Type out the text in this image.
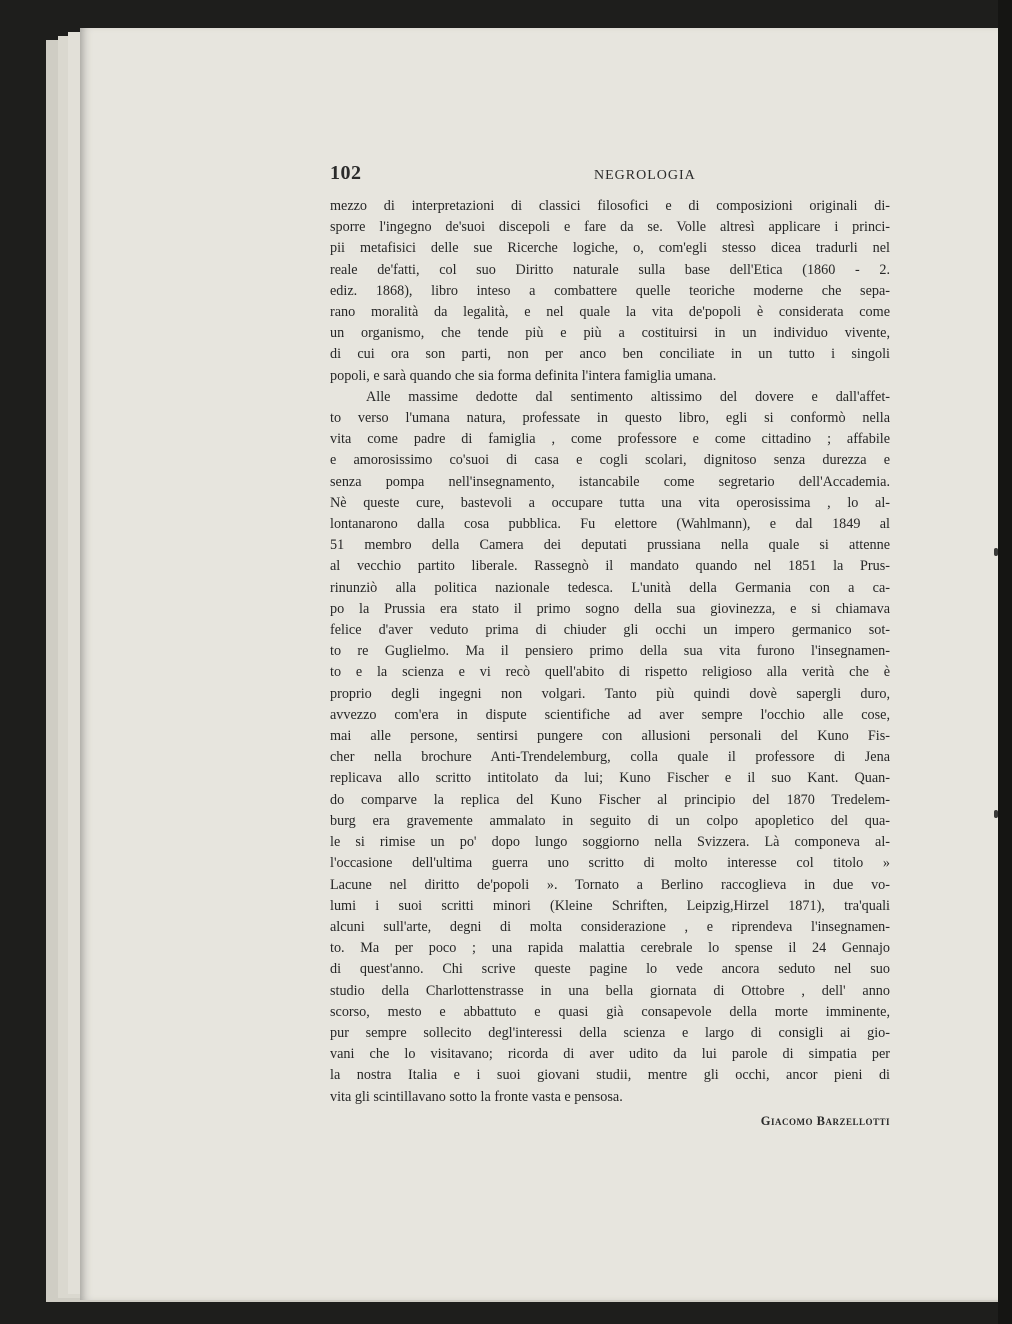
102	NEGROLOGIA
mezzo di interpretazioni di classici filosofici e di composizioni originali di-
sporre l'ingegno de'suoi discepoli e fare da se. Volle altresì applicare i princi-
pii metafisici delle sue Ricerche logiche, o, com'egli stesso dicea tradurli nel
reale de'fatti, col suo Diritto naturale sulla base dell'Etica (1860 - 2.
ediz. 1868), libro inteso a combattere quelle teoriche moderne che sepa-
rano moralità da legalità, e nel quale la vita de'popoli è considerata come
un organismo, che tende più e più a costituirsi in un individuo vivente,
di cui ora son parti, non per anco ben conciliate in un tutto i singoli
popoli, e sarà quando che sia forma definita l'intera famiglia umana.
Alle massime dedotte dal sentimento altissimo del dovere e dall'affet-
to verso l'umana natura, professate in questo libro, egli si conformò nella
vita come padre di famiglia , come professore e come cittadino ; affabile
e amorosissimo co'suoi di casa e cogli scolari, dignitoso senza durezza e
senza pompa nell'insegnamento, istancabile come segretario dell'Accademia.
Nè queste cure, bastevoli a occupare tutta una vita operosissima , lo al-
lontanarono dalla cosa pubblica. Fu elettore (Wahlmann), e dal 1849 al
51 membro della Camera dei deputati prussiana nella quale si attenne
al vecchio partito liberale. Rassegnò il mandato quando nel 1851 la Prus-
rinunziò alla politica nazionale tedesca. L'unità della Germania con a ca-
po la Prussia era stato il primo sogno della sua giovinezza, e si chiamava
felice d'aver veduto prima di chiuder gli occhi un impero germanico sot-
to re Guglielmo. Ma il pensiero primo della sua vita furono l'insegnamen-
to e la scienza e vi recò quell'abito di rispetto religioso alla verità che è
proprio degli ingegni non volgari. Tanto più quindi dovè sapergli duro,
avvezzo com'era in dispute scientifiche ad aver sempre l'occhio alle cose,
mai alle persone, sentirsi pungere con allusioni personali del Kuno Fis-
cher nella brochure Anti-Trendelemburg, colla quale il professore di Jena
replicava allo scritto intitolato da lui; Kuno Fischer e il suo Kant. Quan-
do comparve la replica del Kuno Fischer al principio del 1870 Tredelem-
burg era gravemente ammalato in seguito di un colpo apopletico del qua-
le si rimise un po' dopo lungo soggiorno nella Svizzera. Là componeva al-
l'occasione dell'ultima guerra uno scritto di molto interesse col titolo »
Lacune nel diritto de'popoli ». Tornato a Berlino raccoglieva in due vo-
lumi i suoi scritti minori (Kleine Schriften, Leipzig,Hirzel 1871), tra'quali
alcuni sull'arte, degni di molta considerazione , e riprendeva l'insegnamen-
to. Ma per poco ; una rapida malattia cerebrale lo spense il 24 Gennajo
di quest'anno. Chi scrive queste pagine lo vede ancora seduto nel suo
studio della Charlottenstrasse in una bella giornata di Ottobre , dell' anno
scorso, mesto e abbattuto e quasi già consapevole della morte imminente,
pur sempre sollecito degl'interessi della scienza e largo di consigli ai gio-
vani che lo visitavano; ricorda di aver udito da lui parole di simpatia per
la nostra Italia e i suoi giovani studii, mentre gli occhi, ancor pieni di
vita gli scintillavano sotto la fronte vasta e pensosa.
Giacomo Barzellotti
